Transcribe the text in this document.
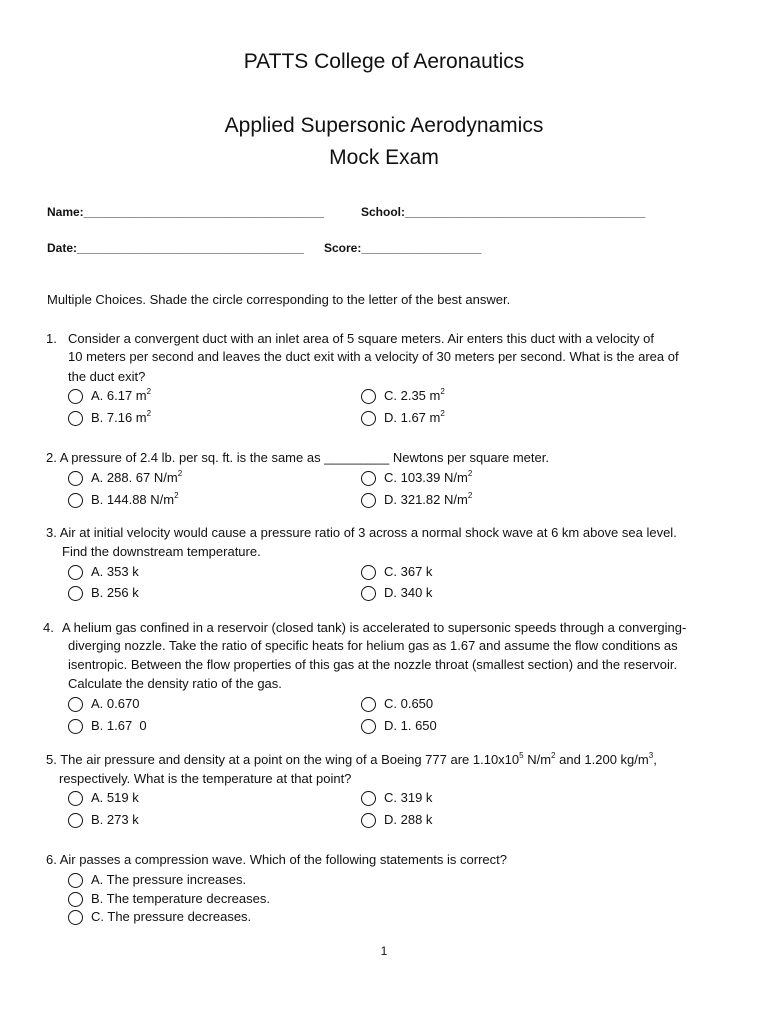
PATTS College of Aeronautics
Applied Supersonic Aerodynamics
Mock Exam
Name:____________________________________	School:____________________________________
Date:__________________________________ Score:__________________
Multiple Choices. Shade the circle corresponding to the letter of the best answer.
1. Consider a convergent duct with an inlet area of 5 square meters. Air enters this duct with a velocity of
10 meters per second and leaves the duct exit with a velocity of 30 meters per second. What is the area of
the duct exit?
A. 6.17 $m^2$
B. 7.16 $m^2$
C. 2.35 $m^2$
D. 1.67 $m^2$
2. A pressure of 2.4 lb. per sq. ft. is the same as _________ Newtons per square meter.
A. 288. 67 $N/m^2$
B. 144.88 $N/m^2$
C. 103.39 $N/m^2$
D. 321.82 $N/m^2$
3. Air at initial velocity would cause a pressure ratio of 3 across a normal shock wave at 6 km above sea level.
Find the downstream temperature.
A. 353 k
B. 256 k
C. 367 k
D. 340 k
4. A helium gas confined in a reservoir (closed tank) is accelerated to supersonic speeds through a converging-
diverging nozzle. Take the ratio of specific heats for helium gas as 1.67 and assume the flow conditions as
isentropic. Between the flow properties of this gas at the nozzle throat (smallest section) and the reservoir.
Calculate the density ratio of the gas.
A. 0.670
B. 1.67  0
C. 0.650
D. 1. 650
5. The air pressure and density at a point on the wing of a Boeing 777 are $1.10x10^5$ $N/m^2$ and 1.200 $kg/m^3$,
respectively. What is the temperature at that point?
A. 519 k
B. 273 k
C. 319 k
D. 288 k
6. Air passes a compression wave. Which of the following statements is correct?
A. The pressure increases.
B. The temperature decreases.
C. The pressure decreases.
1
